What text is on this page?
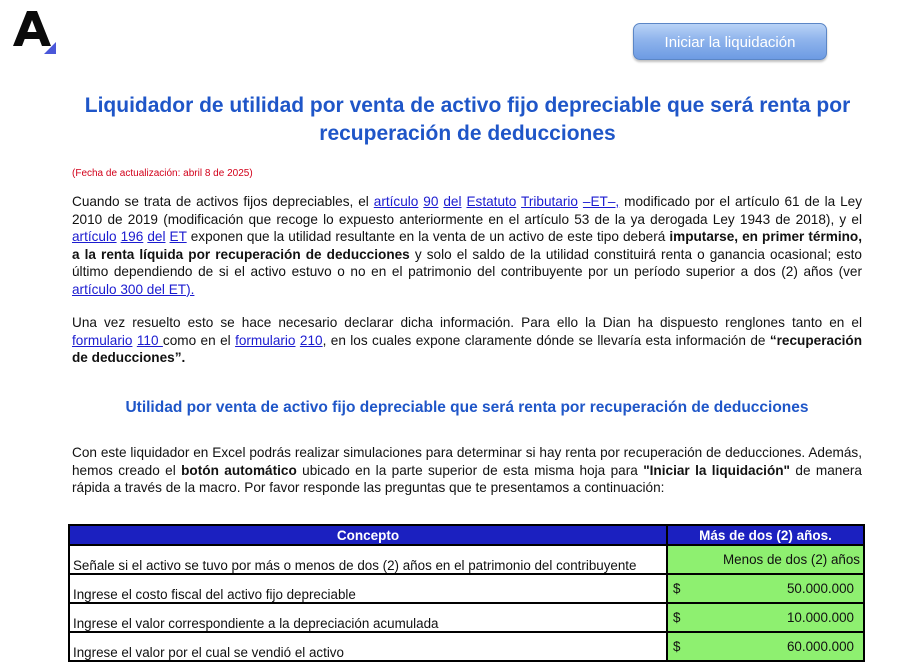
A
Iniciar la liquidación
Liquidador de utilidad por venta de activo fijo depreciable que será renta por recuperación de deducciones
(Fecha de actualización: abril 8 de 2025)
Cuando se trata de activos fijos depreciables, el artículo 90 del Estatuto Tributario –ET–, modificado por el artículo 61 de la Ley 2010 de 2019 (modificación que recoge lo expuesto anteriormente en el artículo 53 de la ya derogada Ley 1943 de 2018), y el artículo 196 del ET exponen que la utilidad resultante en la venta de un activo de este tipo deberá imputarse, en primer término, a la renta líquida por recuperación de deducciones y solo el saldo de la utilidad constituirá renta o ganancia ocasional; esto último dependiendo de si el activo estuvo o no en el patrimonio del contribuyente por un período superior a dos (2) años (ver artículo 300 del ET).
Una vez resuelto esto se hace necesario declarar dicha información. Para ello la Dian ha dispuesto renglones tanto en el formulario 110 como en el formulario 210, en los cuales expone claramente dónde se llevaría esta información de “recuperación de deducciones”.
Utilidad por venta de activo fijo depreciable que será renta por recuperación de deducciones
Con este liquidador en Excel podrás realizar simulaciones para determinar si hay renta por recuperación de deducciones. Además, hemos creado el botón automático ubicado en la parte superior de esta misma hoja para "Iniciar la liquidación" de manera rápida a través de la macro. Por favor responde las preguntas que te presentamos a continuación:
Concepto	Más de dos (2) años.
Señale si el activo se tuvo por más o menos de dos (2) años en el patrimonio del contribuyente	Menos de dos (2) años
Ingrese el costo fiscal del activo fijo depreciable	$ 50.000.000

Ingrese el valor correspondiente a la depreciación acumulada	$ 10.000.000

Ingrese el valor por el cual se vendió el activo	$ 60.000.000
